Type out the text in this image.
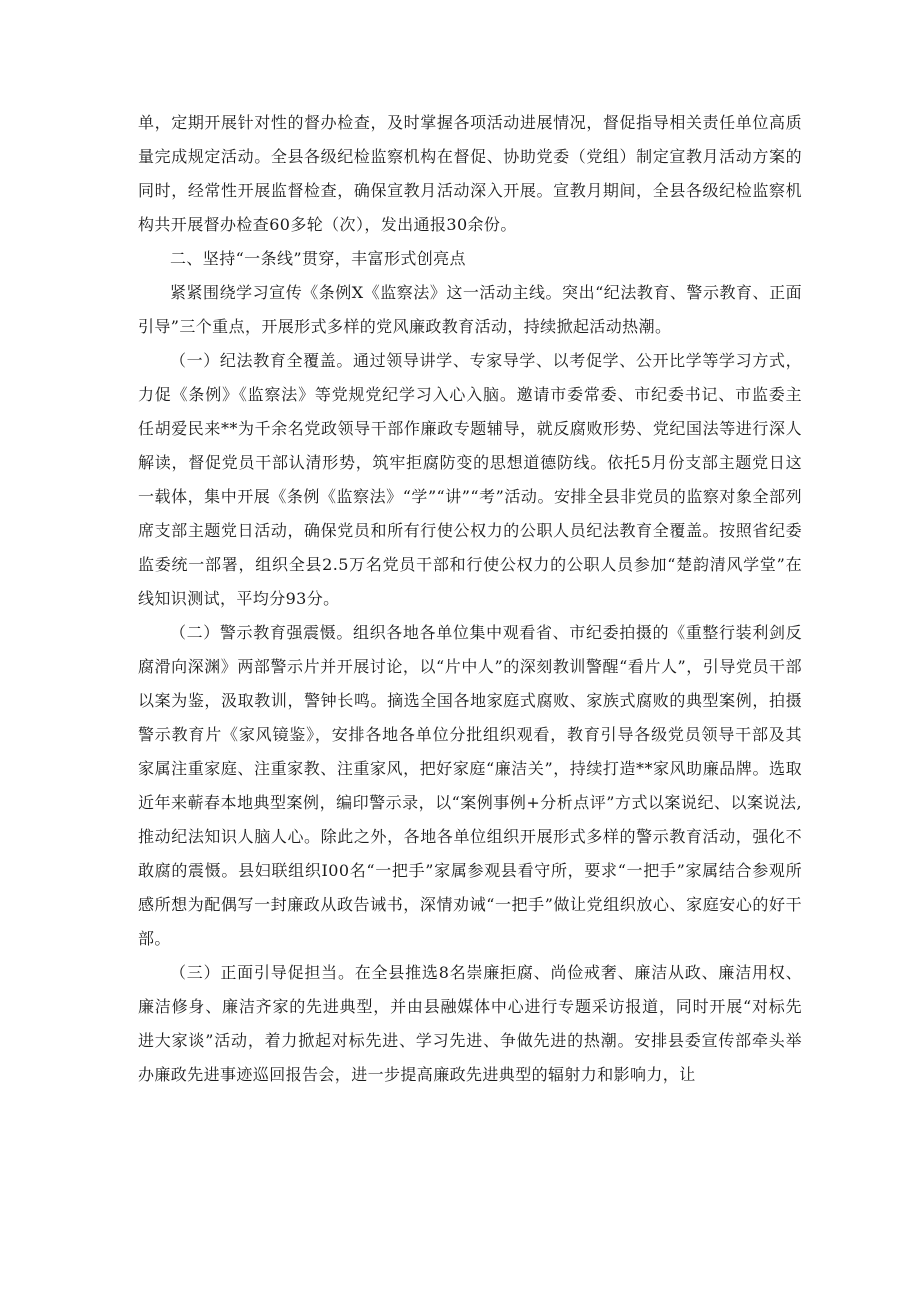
单，定期开展针对性的督办检查，及时掌握各项活动进展情况，督促指导相关责任单位高质量完成规定活动。全县各级纪检监察机构在督促、协助党委（党组）制定宣教月活动方案的同时，经常性开展监督检查，确保宣教月活动深入开展。宣教月期间，全县各级纪检监察机构共开展督办检查60多轮（次），发出通报30余份。

二、坚持“一条线”贯穿，丰富形式创亮点

紧紧围绕学习宣传《条例X《监察法》这一活动主线。突出“纪法教育、警示教育、正面引导”三个重点，开展形式多样的党风廉政教育活动，持续掀起活动热潮。

（一）纪法教育全覆盖。通过领导讲学、专家导学、以考促学、公开比学等学习方式，力促《条例》《监察法》等党规党纪学习入心入脑。邀请市委常委、市纪委书记、市监委主任胡爱民来**为千余名党政领导干部作廉政专题辅导，就反腐败形势、党纪国法等进行深人解读，督促党员干部认清形势，筑牢拒腐防变的思想道德防线。依托5月份支部主题党日这一载体，集中开展《条例《监察法》“学”“讲”“考”活动。安排全县非党员的监察对象全部列席支部主题党日活动，确保党员和所有行使公权力的公职人员纪法教育全覆盖。按照省纪委监委统一部署，组织全县2.5万名党员干部和行使公权力的公职人员参加“楚韵清风学堂”在线知识测试，平均分93分。

（二）警示教育强震慑。组织各地各单位集中观看省、市纪委拍摄的《重整行装利剑反腐滑向深渊》两部警示片并开展讨论，以“片中人”的深刻教训警醒“看片人”，引导党员干部以案为鉴，汲取教训，警钟长鸣。摘选全国各地家庭式腐败、家族式腐败的典型案例，拍摄警示教育片《家风镜鉴》，安排各地各单位分批组织观看，教育引导各级党员领导干部及其家属注重家庭、注重家教、注重家风，把好家庭“廉洁关”，持续打造**家风助廉品牌。选取近年来蕲春本地典型案例，编印警示录，以“案例事例+分析点评”方式以案说纪、以案说法,推动纪法知识人脑人心。除此之外，各地各单位组织开展形式多样的警示教育活动，强化不敢腐的震慑。县妇联组织I00名“一把手”家属参观县看守所，要求“一把手”家属结合参观所感所想为配偶写一封廉政从政告诫书，深情劝诫“一把手”做让党组织放心、家庭安心的好干部。

（三）正面引导促担当。在全县推选8名崇廉拒腐、尚俭戒奢、廉洁从政、廉洁用权、廉洁修身、廉洁齐家的先进典型，并由县融媒体中心进行专题采访报道，同时开展“对标先进大家谈”活动，着力掀起对标先进、学习先进、争做先进的热潮。安排县委宣传部牵头举办廉政先进事迹巡回报告会，进一步提高廉政先进典型的辐射力和影响力，让
